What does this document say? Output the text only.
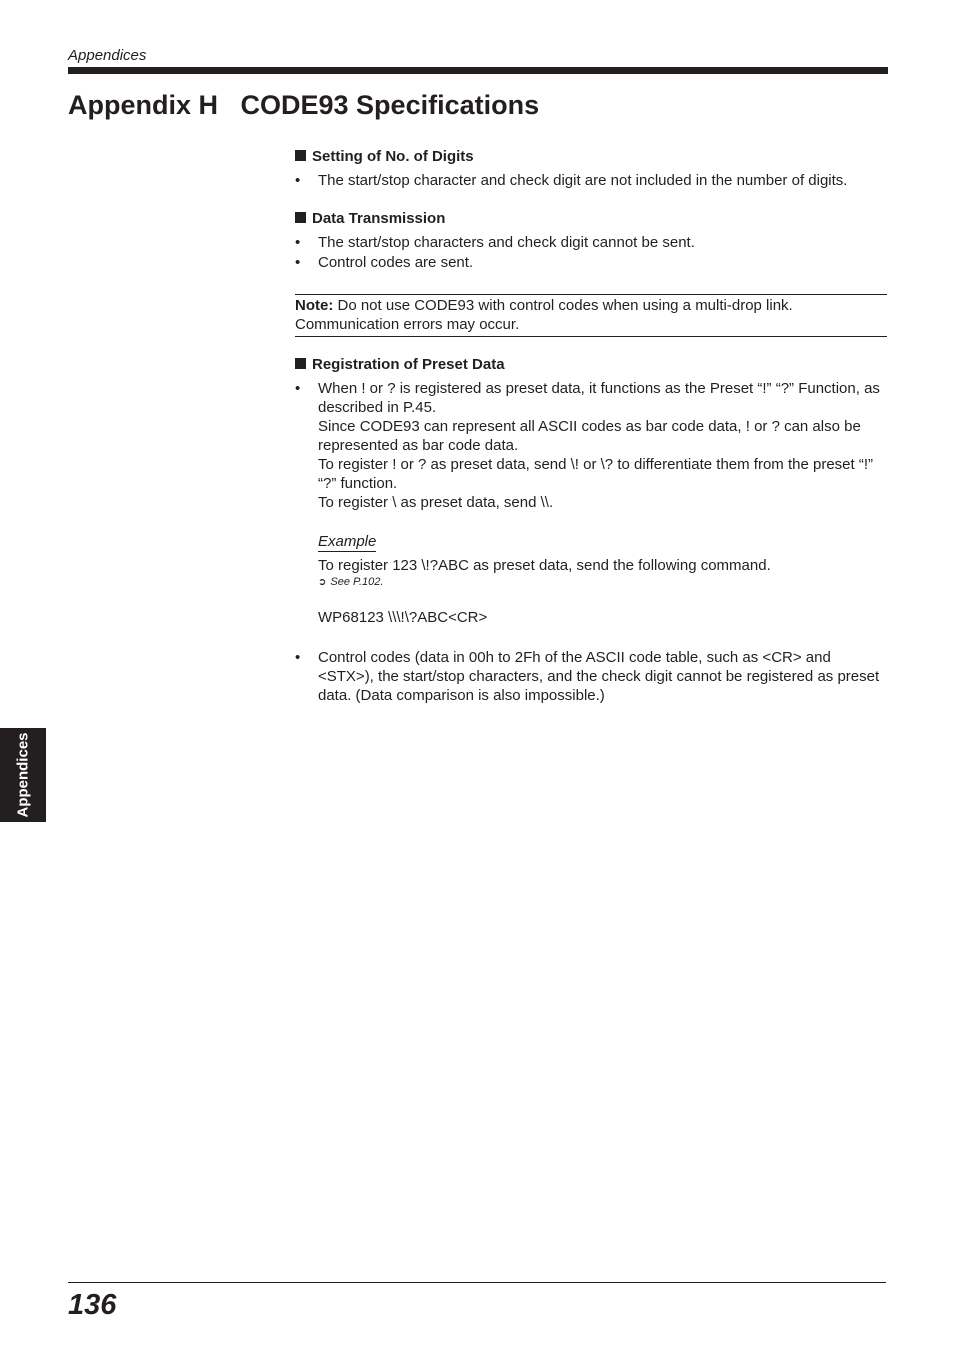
Appendices
Appendix H   CODE93 Specifications
Setting of No. of Digits
• The start/stop character and check digit are not included in the number of digits.
Data Transmission
• The start/stop characters and check digit cannot be sent.
• Control codes are sent.
Note: Do not use CODE93 with control codes when using a multi-drop link. Communication errors may occur.
Registration of Preset Data
• When ! or ? is registered as preset data, it functions as the Preset “!” “?” Function, as described in P.45.

Since CODE93 can represent all ASCII codes as bar code data, ! or ? can also be represented as bar code data.

To register ! or ? as preset data, send \! or \? to differentiate them from the preset “!” “?” function.

To register \ as preset data, send \\.

Example

To register 123 \!?ABC as preset data, send the following command.

➲ See P.102.

WP68123 \\\!\?ABC<CR>

• Control codes (data in 00h to 2Fh of the ASCII code table, such as <CR> and <STX>), the start/stop characters, and the check digit cannot be registered as preset data. (Data comparison is also impossible.)
Appendices
136
